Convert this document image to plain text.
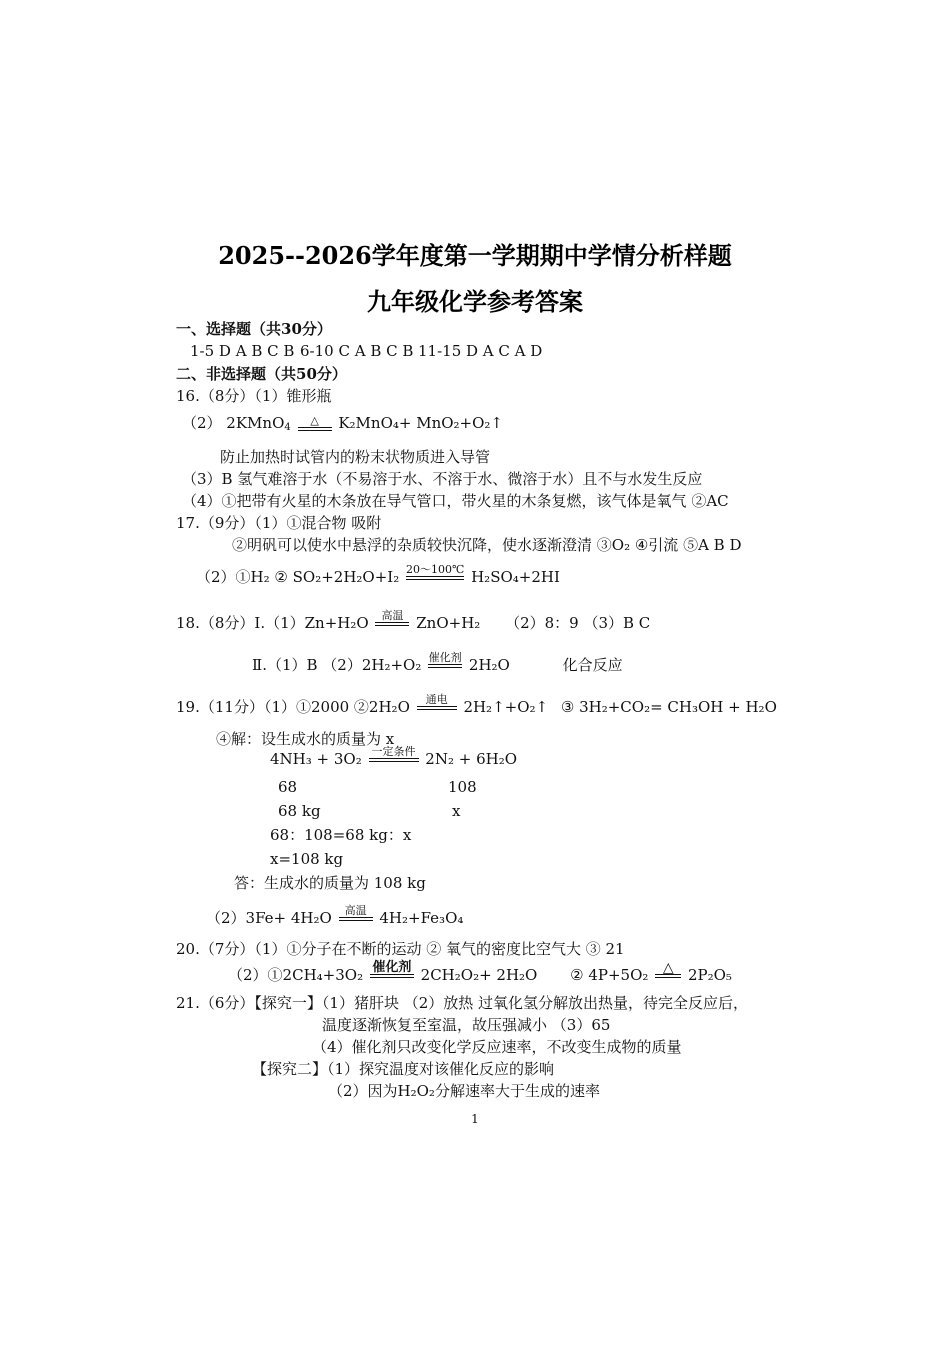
2025--2026学年度第一学期期中学情分析样题
九年级化学参考答案
一、选择题（共30分）
1-5 D A B C B 6-10 C A B C B 11-15 D A C A D
二、非选择题（共50分）
16.（8分）（1）锥形瓶
（2） 2KMnO$_4$
△	K₂MnO₄+ MnO₂+O₂↑
防止加热时试管内的粉末状物质进入导管
（3）B 氢气难溶于水（不易溶于水、不溶于水、微溶于水）且不与水发生反应
（4）①把带有火星的木条放在导气管口，带火星的木条复燃，该气体是氧气 ②AC
17.（9分）（1）①混合物 吸附
②明矾可以使水中悬浮的杂质较快沉降，使水逐渐澄清 ③O₂ ④引流 ⑤A B D
（2）①H₂ ② SO₂+2H₂O+I₂ 20～100℃ H₂SO₄+2HI
18.（8分）Ⅰ.（1）Zn+H₂O	高温 ZnO+H₂ （2）8：9 （3）B C
Ⅱ.（1）B （2）2H₂+O₂ 催化剂 2H₂O	化合反应
19.（11分）（1）①2000 ②2H₂O	通电	2H₂↑+O₂↑ ③ 3H₂+CO₂= CH₃OH + H₂O
④解：设生成水的质量为 x
4NH₃ + 3O₂ 一定条件 2N₂ + 6H₂O
68	108
68 kg	x
68：108=68 kg：x
x=108 kg
答：生成水的质量为 108 kg
（2）3Fe+ 4H₂O	高温 4H₂+Fe₃O₄
20.（7分）（1）①分子在不断的运动 ② 氧气的密度比空气大 ③ 21
（2）①2CH₄+3O₂ 催化剂 2CH₂O₂+ 2H₂O ② 4P+5O₂	△ 2P₂O₅
21.（6分）【探究一】（1）猪肝块 （2）放热 过氧化氢分解放出热量，待完全反应后，
温度逐渐恢复至室温，故压强减小 （3）65
（4）催化剂只改变化学反应速率，不改变生成物的质量
【探究二】（1）探究温度对该催化反应的影响
（2）因为H₂O₂分解速率大于生成的速率
1
